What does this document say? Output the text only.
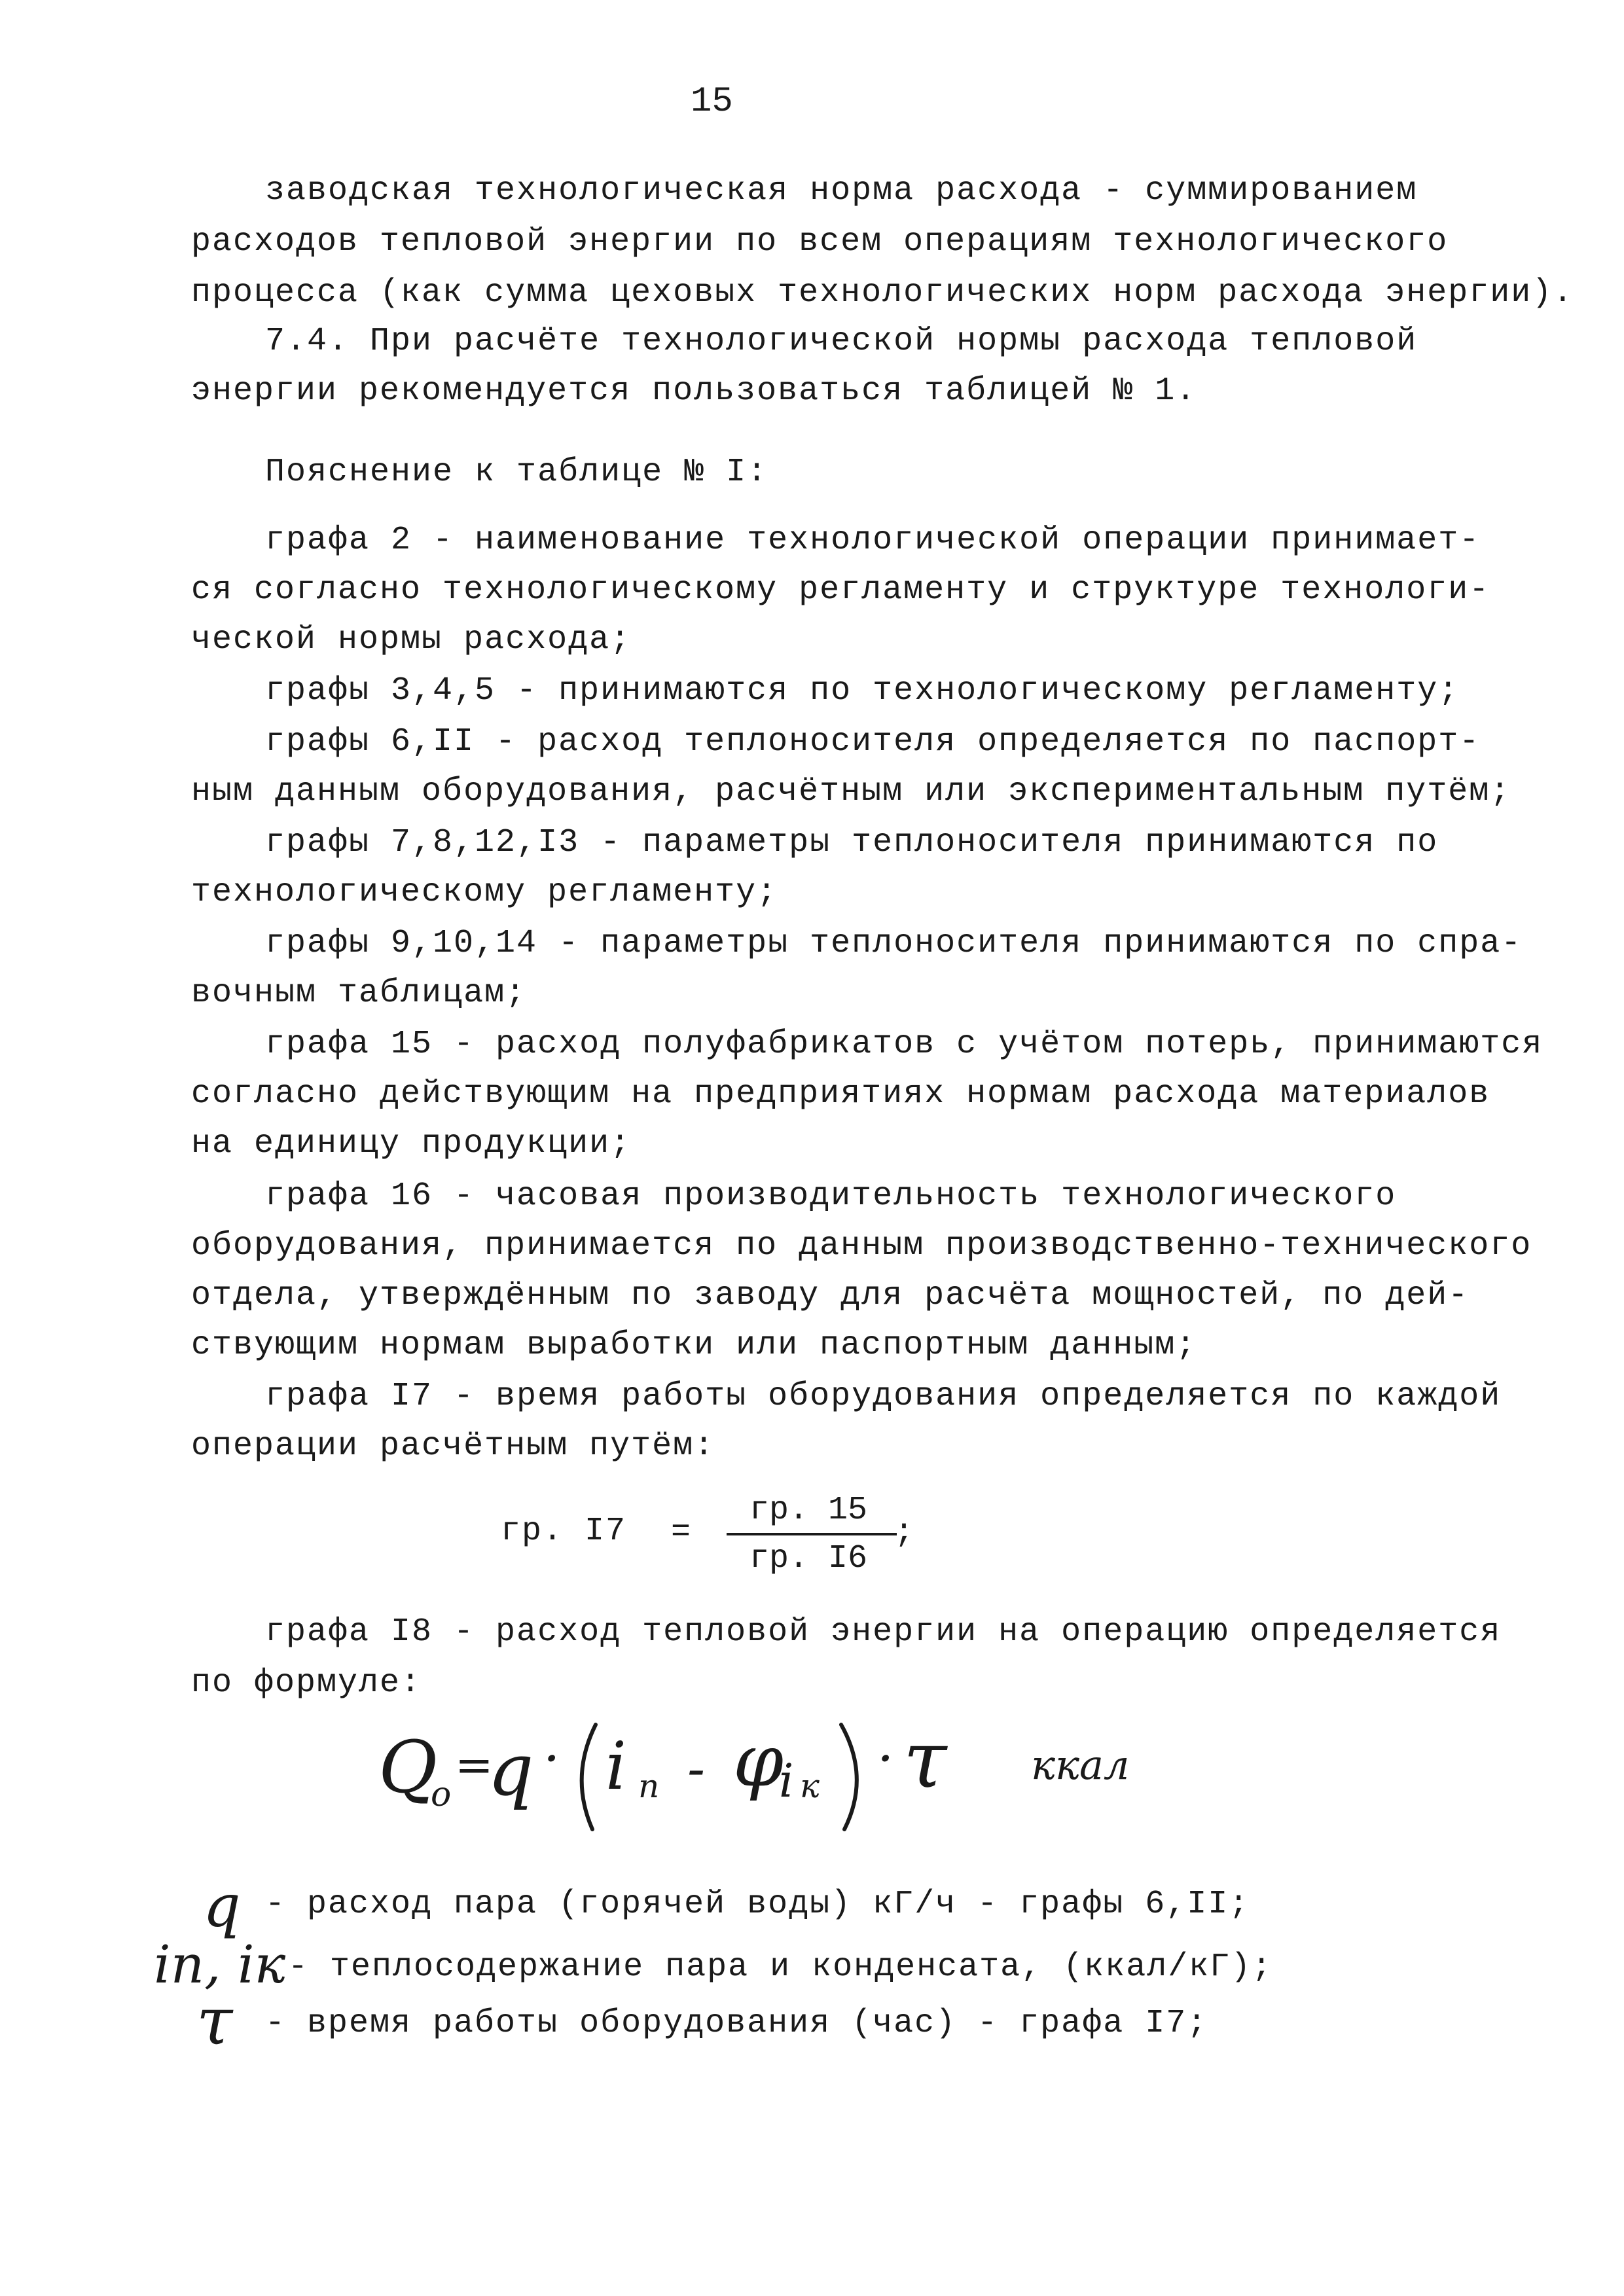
15
заводская технологическая норма расхода - суммированием
расходов тепловой энергии по всем операциям технологического
процесса (как сумма цеховых технологических норм расхода энергии).
7.4. При расчёте технологической нормы расхода тепловой
энергии рекомендуется пользоваться таблицей № 1.
Пояснение к таблице № I:
графа 2 - наименование технологической операции принимает-
ся согласно технологическому регламенту и структуре технологи-
ческой нормы расхода;
графы 3,4,5 - принимаются по технологическому регламенту;
графы 6,II - расход теплоносителя определяется по паспорт-
ным данным оборудования, расчётным или экспериментальным путём;
графы 7,8,12,I3 - параметры теплоносителя принимаются по
технологическому регламенту;
графы 9,10,14 - параметры теплоносителя принимаются по спра-
вочным таблицам;
графа 15 - расход полуфабрикатов с учётом потерь, принимаются
согласно действующим на предприятиях нормам расхода материалов
на единицу продукции;
графа 16 - часовая производительность технологического
оборудования, принимается по данным производственно-технического
отдела, утверждённым по заводу для расчёта мощностей, по дей-
ствующим нормам выработки или паспортным данным;
графа I7 - время работы оборудования определяется по каждой
операции расчётным путём:
гр. I7 =
гр. 15
гр. I6
;
графа I8 - расход тепловой энергии на операцию определяется
по формуле:
Q
o
=
q · i п - φ
i к · τ ккал
q - расход пара (горячей воды) кГ/ч - графы 6,II;
iп, iк - теплосодержание пара и конденсата, (ккал/кГ);
τ - время работы оборудования (час) - графа I7;
